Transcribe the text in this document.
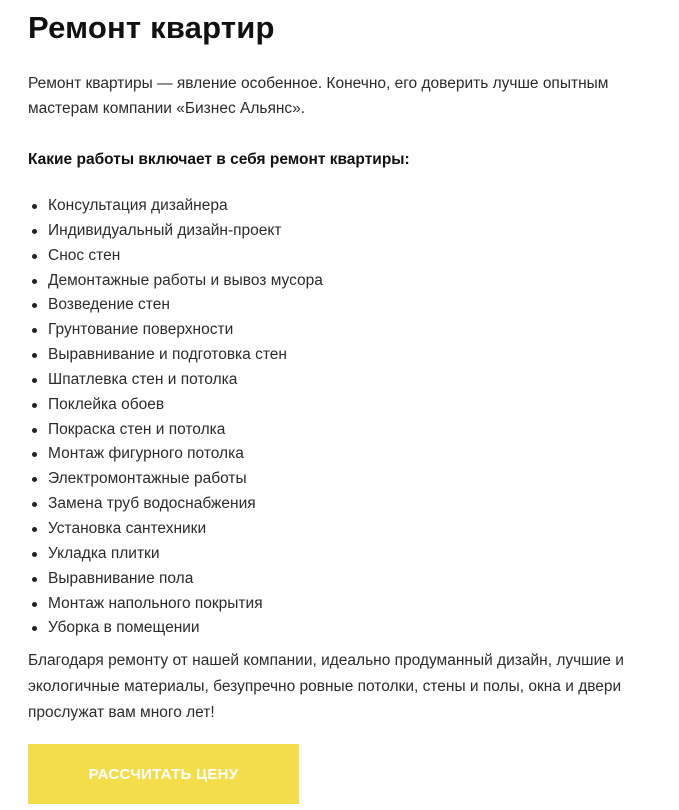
Ремонт квартир

Ремонт квартиры — явление особенное. Конечно, его доверить лучше опытным мастерам компании «Бизнес Альянс».

Какие работы включает в себя ремонт квартиры:

Консультация дизайнера
Индивидуальный дизайн-проект
Снос стен
Демонтажные работы и вывоз мусора
Возведение стен
Грунтование поверхности
Выравнивание и подготовка стен
Шпатлевка стен и потолка
Поклейка обоев
Покраска стен и потолка
Монтаж фигурного потолка
Электромонтажные работы
Замена труб водоснабжения
Установка сантехники
Укладка плитки
Выравнивание пола
Монтаж напольного покрытия
Уборка в помещении

Благодаря ремонту от нашей компании, идеально продуманный дизайн, лучшие и экологичные материалы, безупречно ровные потолки, стены и полы, окна и двери прослужат вам много лет!

РАССЧИТАТЬ ЦЕНУ
